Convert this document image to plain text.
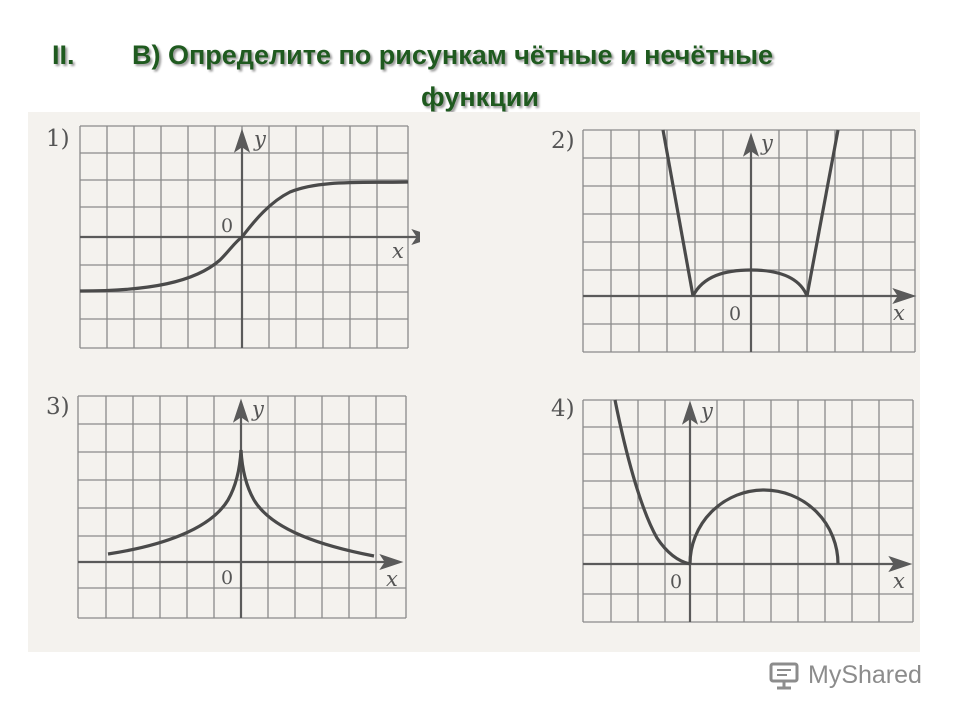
II. В) Определите по рисункам чётные и нечётные
функции
1)
0
x
y	2)
0	x
y
3)
0	x
y	4)
0	x
y
MyShared
